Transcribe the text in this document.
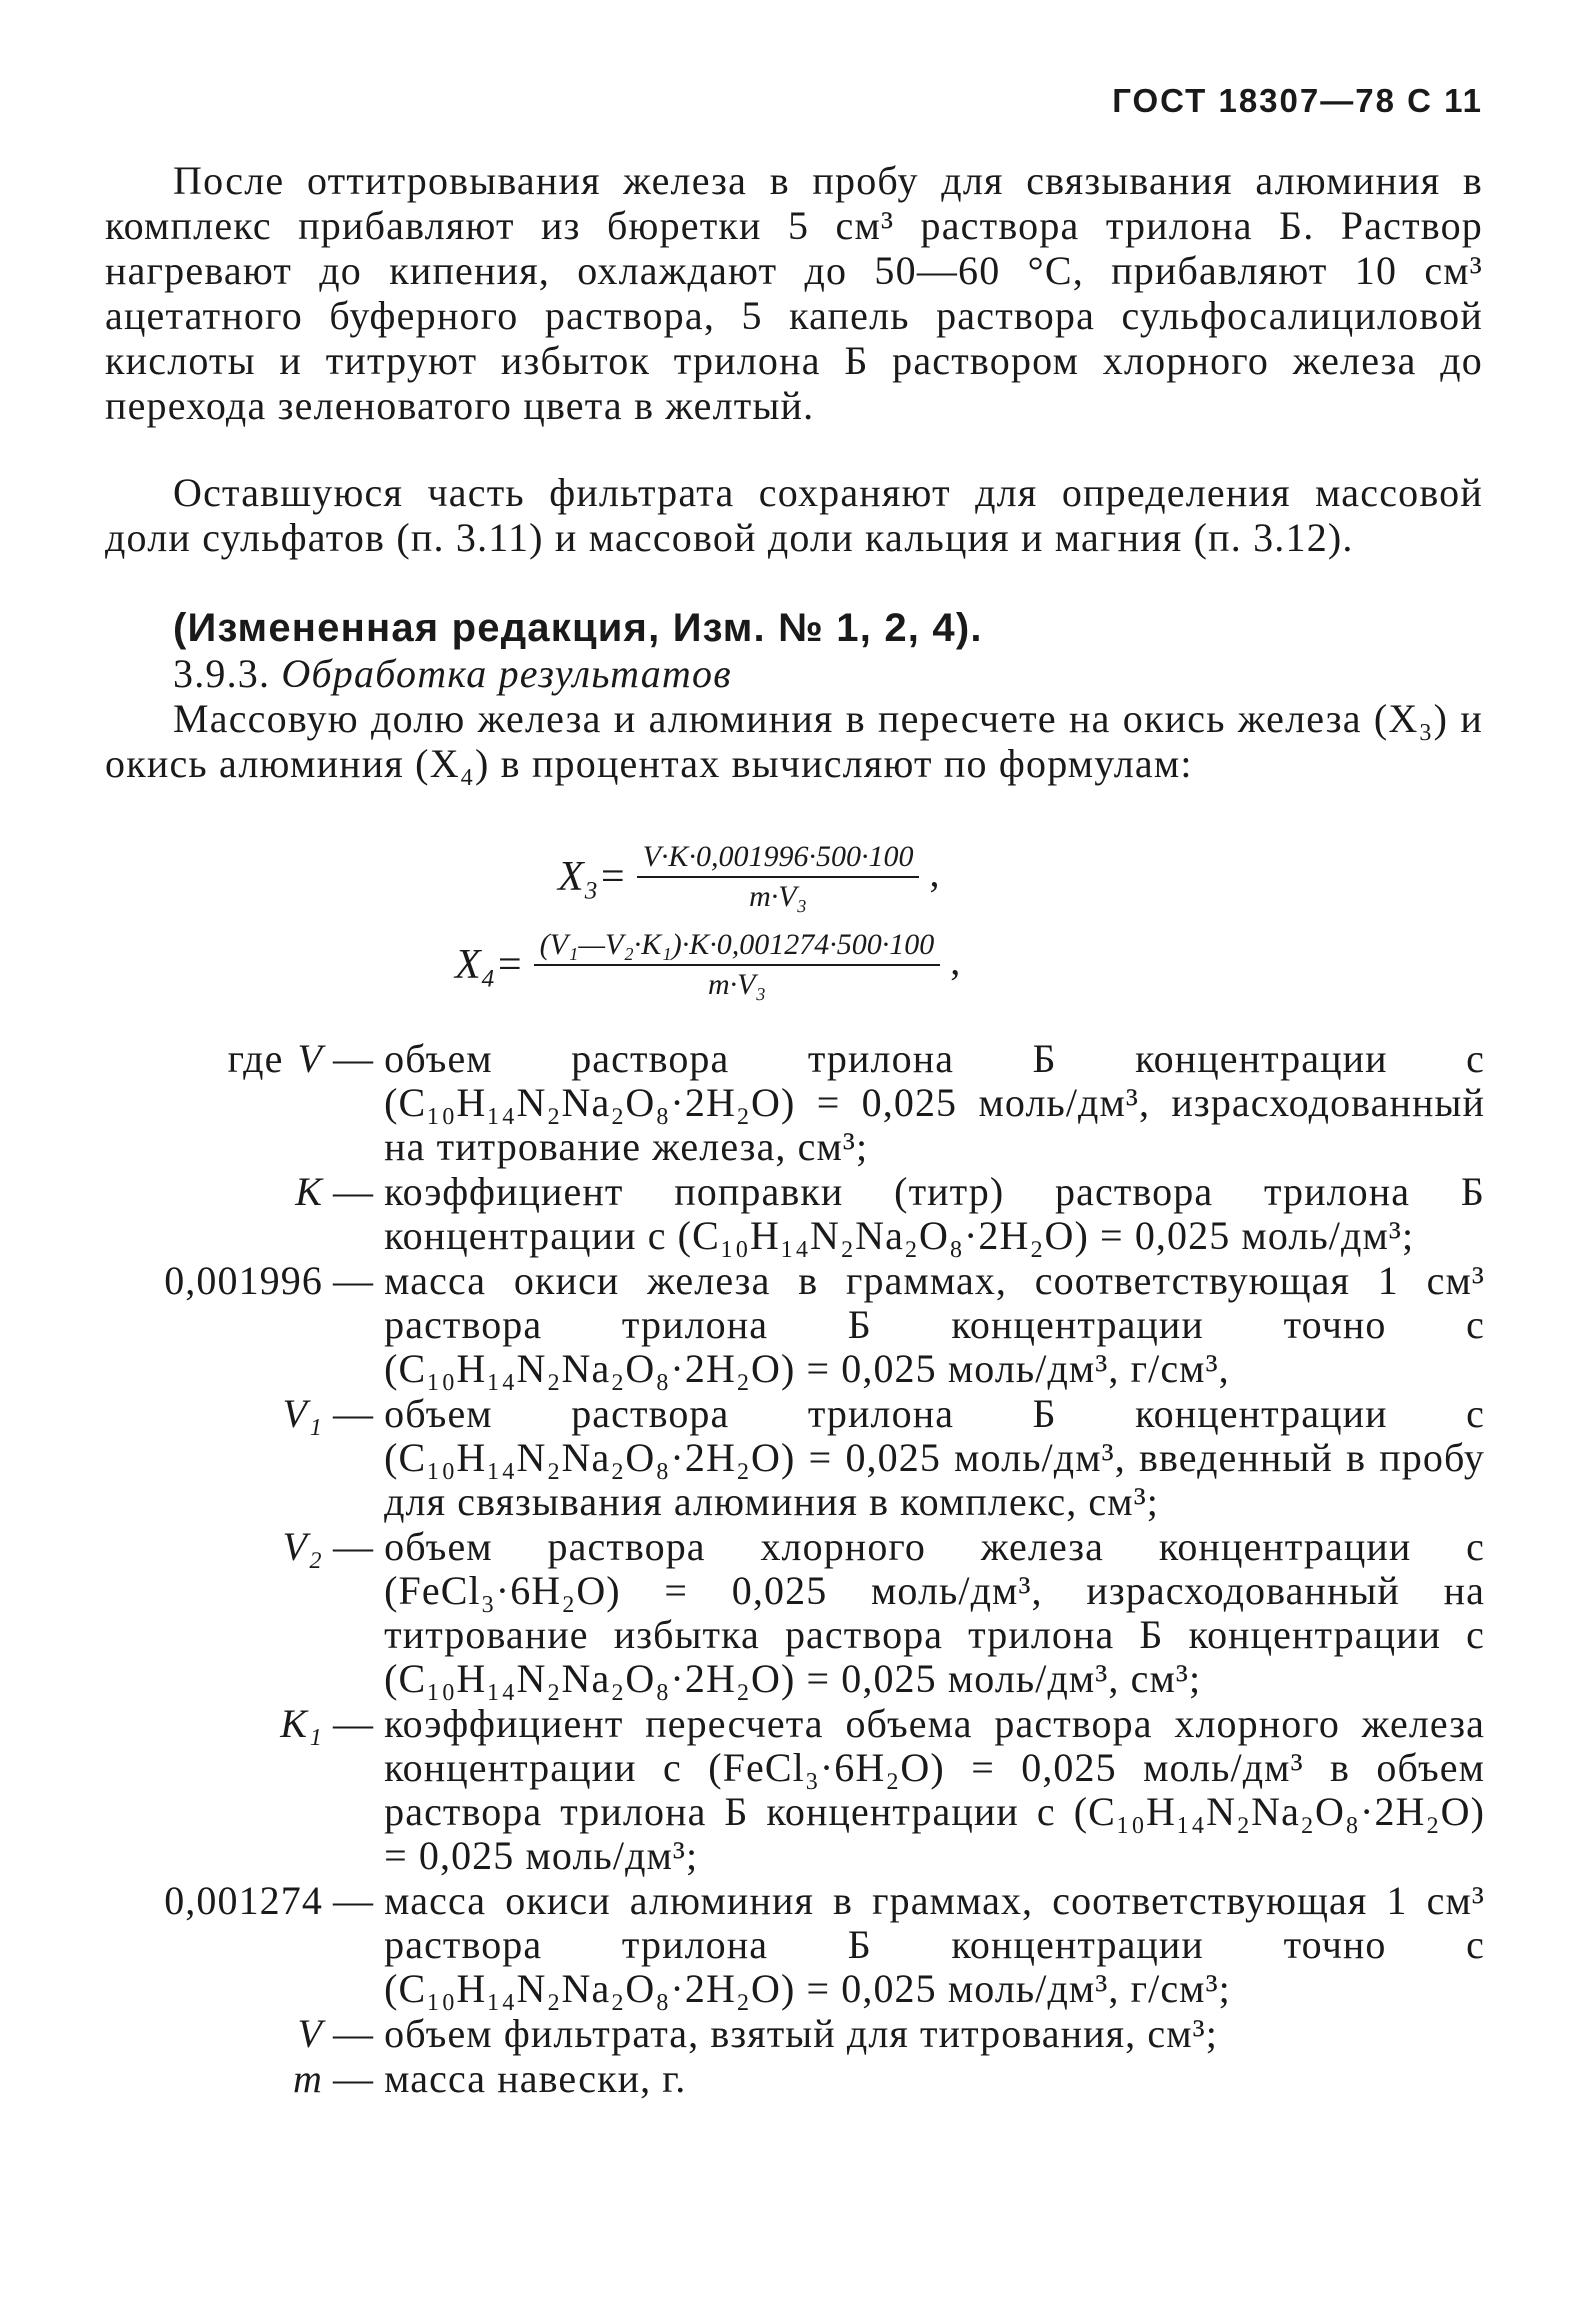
ГОСТ 18307—78 С 11
После оттитровывания железа в пробу для связывания алюминия в комплекс прибавляют из бюретки 5 см³ раствора трилона Б. Раствор нагревают до кипения, охлаждают до 50—60 °С, прибавляют 10 см³ ацетатного буферного раствора, 5 капель раствора сульфосалициловой кислоты и титруют избыток трилона Б раствором хлорного железа до перехода зеленоватого цвета в желтый.
Оставшуюся часть фильтрата сохраняют для определения массовой доли сульфатов (п. 3.11) и массовой доли кальция и магния (п. 3.12).
(Измененная редакция, Изм. № 1, 2, 4).
3.9.3. Обработка результатов
Массовую долю железа и алюминия в пересчете на окись железа (X₃) и окись алюминия (X₄) в процентах вычисляют по формулам:
$X_3= \frac{V\cdot K\cdot 0,001996\cdot 500\cdot 100}{\text{m·V₃}}$ ,
$X_4= \frac{\text{(V₁—V₂·K₁)·K·0,001274·500·100}}{\text{m·V₃}}$ ,
где V — объем раствора трилона Б концентрации c (C₁₀H₁₄N₂Na₂O₈·2H₂O) = 0,025 моль/дм³, израсходованный на титрование железа, см³;
K — коэффициент поправки (титр) раствора трилона Б концентрации c (C₁₀H₁₄N₂Na₂O₈·2H₂O) = 0,025 моль/дм³;
0,001996 — масса окиси железа в граммах, соответствующая 1 см³ раствора трилона Б концентрации точно c (C₁₀H₁₄N₂Na₂O₈·2H₂O) = 0,025 моль/дм³, г/см³,
V₁ — объем раствора трилона Б концентрации c (C₁₀H₁₄N₂Na₂O₈·2H₂O) = 0,025 моль/дм³, введенный в пробу для связывания алюминия в комплекс, см³;
V₂ — объем раствора хлорного железа концентрации c (FeCl₃·6H₂O) = 0,025 моль/дм³, израсходованный на титрование избытка раствора трилона Б концентрации c (C₁₀H₁₄N₂Na₂O₈·2H₂O) = 0,025 моль/дм³, см³;
K₁ — коэффициент пересчета объема раствора хлорного железа концентрации c (FeCl₃·6H₂O) = 0,025 моль/дм³ в объем раствора трилона Б концентрации c (C₁₀H₁₄N₂Na₂O₈·2H₂O) = 0,025 моль/дм³;
0,001274 — масса окиси алюминия в граммах, соответствующая 1 см³ раствора трилона Б концентрации точно c (C₁₀H₁₄N₂Na₂O₈·2H₂O) = 0,025 моль/дм³, г/см³;
V — объем фильтрата, взятый для титрования, см³;
m — масса навески, г.
